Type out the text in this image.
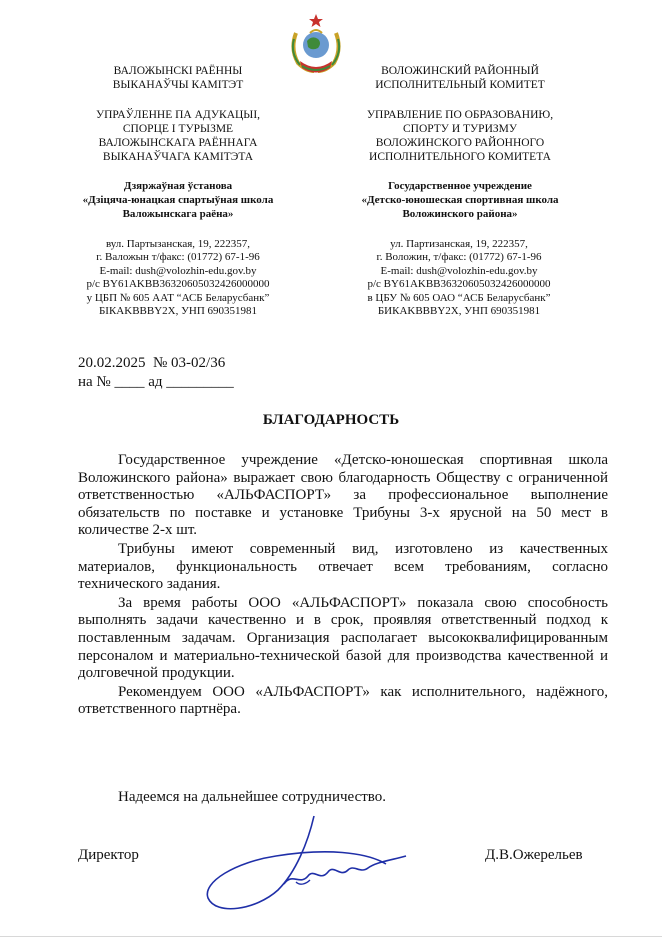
ВАЛОЖЫНСКІ РАЁННЫ
ВЫКАНАЎЧЫ КАМІТЭТ
УПРАЎЛЕННЕ ПА АДУКАЦЫІ,
СПОРЦЕ І ТУРЫЗМЕ
ВАЛОЖЫНСКАГА РАЁННАГА
ВЫКАНАЎЧАГА КАМІТЭТА
Дзяржаўная ўстанова
«Дзіцяча-юнацкая спартыўная школа
Валожынскага раёна»
вул. Партызанская, 19, 222357,
г. Валожын т/факс: (01772) 67-1-96
E-mail: dush@volozhin-edu.gov.by
р/с BY61AKBB36320605032426000000
у ЦБП № 605 ААТ “АСБ Беларусбанк”
БІКAKBBBY2X, УНП 690351981
ВОЛОЖИНСКИЙ РАЙОННЫЙ
ИСПОЛНИТЕЛЬНЫЙ КОМИТЕТ
УПРАВЛЕНИЕ ПО ОБРАЗОВАНИЮ,
СПОРТУ И ТУРИЗМУ
ВОЛОЖИНСКОГО РАЙОННОГО
ИСПОЛНИТЕЛЬНОГО КОМИТЕТА
Государственное учреждение
«Детско-юношеская спортивная школа
Воложинского района»
ул. Партизанская, 19, 222357,
г. Воложин, т/факс: (01772) 67-1-96
E-mail: dush@volozhin-edu.gov.by
р/с BY61AKBB36320605032426000000
в ЦБУ № 605 ОАО “АСБ Беларусбанк”
БИКAKBBBY2X, УНП 690351981
20.02.2025  № 03-02/36
на № ____ ад _________
БЛАГОДАРНОСТЬ

Государственное учреждение «Детско-юношеская спортивная школа Воложинского района» выражает свою благодарность Обществу с ограниченной ответственностью «АЛЬФАСПОРТ» за профессиональное выполнение обязательств по поставке и установке Трибуны 3-х ярусной на 50 мест в количестве 2-х шт.

Трибуны имеют современный вид, изготовлено из качественных материалов, функциональность отвечает всем требованиям, согласно технического задания.

За время работы ООО «АЛЬФАСПОРТ» показала свою способность выполнять задачи качественно и в срок, проявляя ответственный подход к поставленным задачам. Организация располагает высококвалифицированным персоналом и материально-технической базой для производства качественной и долговечной продукции.

Рекомендуем ООО «АЛЬФАСПОРТ» как исполнительного, надёжного, ответственного партнёра.

Надеемся на дальнейшее сотрудничество.
Директор	Д.В.Ожерельев
